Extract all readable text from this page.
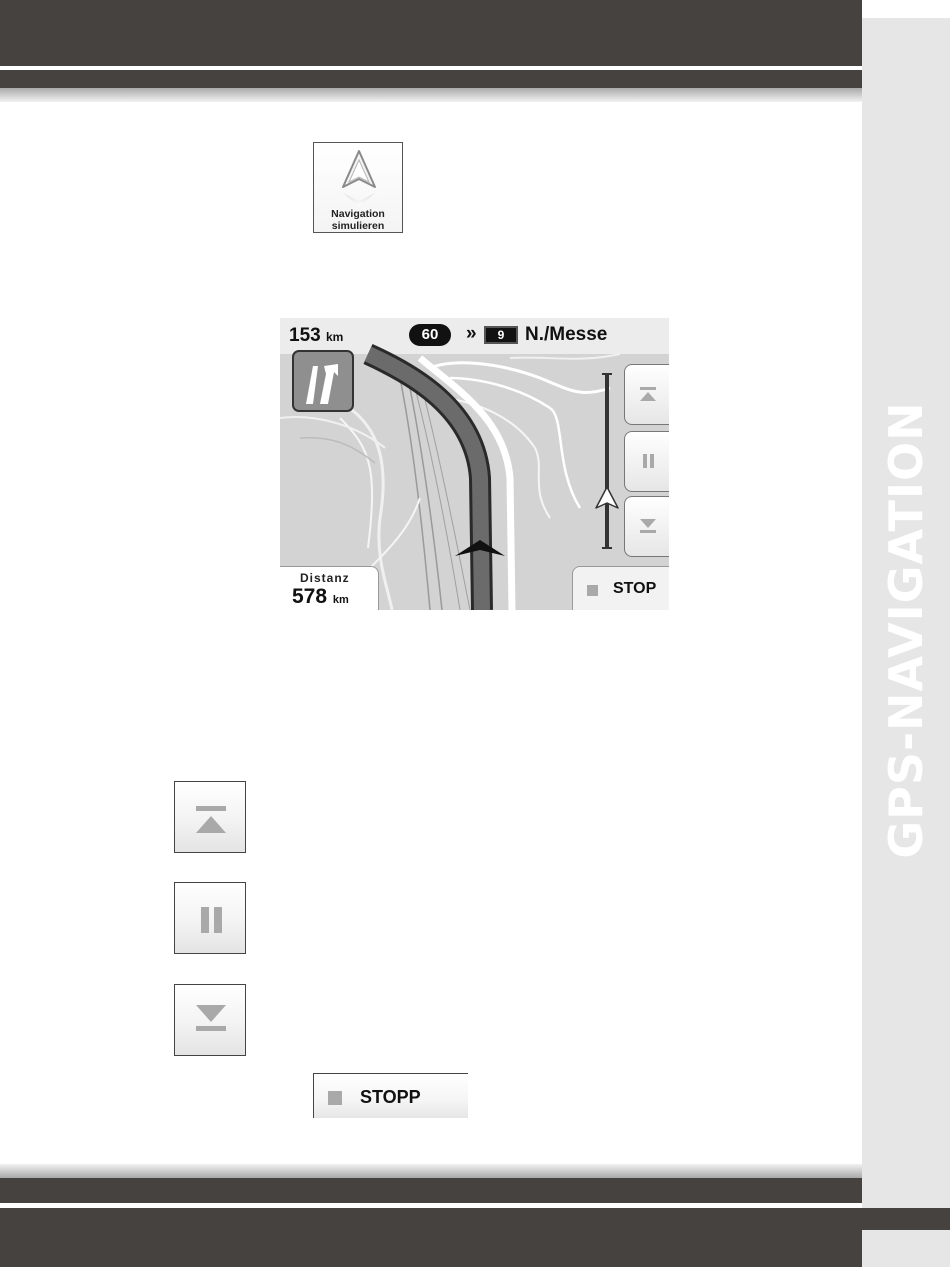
GPS-NAVIGATION
Navigation
simulieren
153 km	60	»	9	N./Messe
Distanz
578 km
STOP
STOPP
